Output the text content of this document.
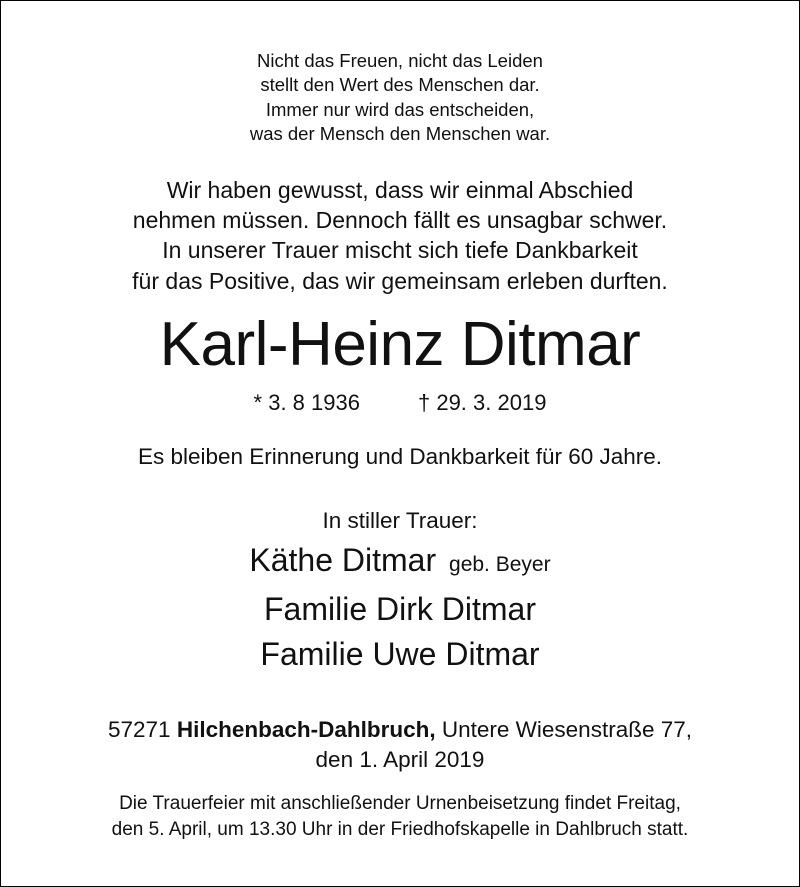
Nicht das Freuen, nicht das Leiden
stellt den Wert des Menschen dar.
Immer nur wird das entscheiden,
was der Mensch den Menschen war.
Wir haben gewusst, dass wir einmal Abschied
nehmen müssen. Dennoch fällt es unsagbar schwer.
In unserer Trauer mischt sich tiefe Dankbarkeit
für das Positive, das wir gemeinsam erleben durften.
Karl-Heinz Ditmar
* 3. 8 1936	† 29. 3. 2019
Es bleiben Erinnerung und Dankbarkeit für 60 Jahre.
In stiller Trauer:
Käthe Ditmar geb. Beyer
Familie Dirk Ditmar
Familie Uwe Ditmar
57271 Hilchenbach-Dahlbruch, Untere Wiesenstraße 77,
den 1. April 2019
Die Trauerfeier mit anschließender Urnenbeisetzung findet Freitag,
den 5. April, um 13.30 Uhr in der Friedhofskapelle in Dahlbruch statt.
